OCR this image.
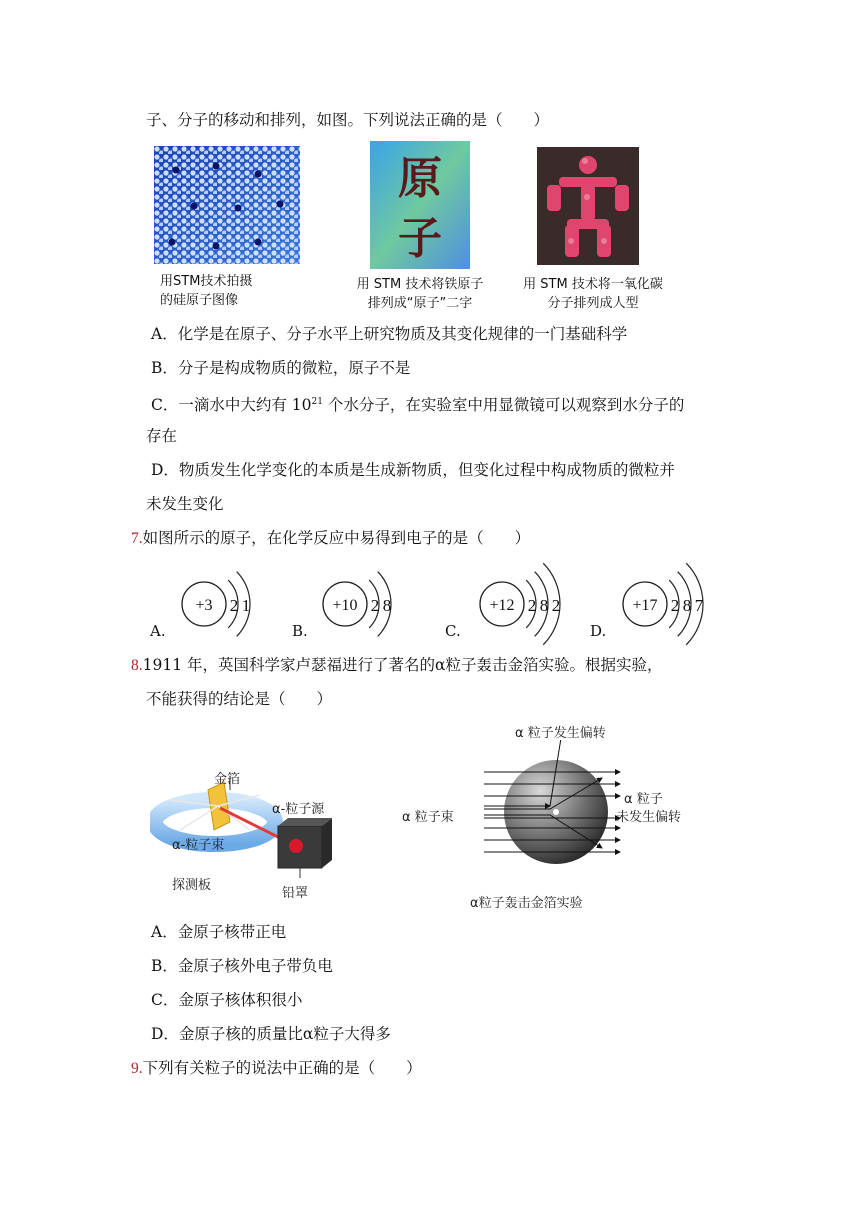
子、分子的移动和排列，如图。下列说法正确的是（　　）
用STM技术拍摄
的硅原子图像
原
子
用 STM 技术将铁原子
排列成“原子”二字
用 STM 技术将一氧化碳
分子排列成人型
A．化学是在原子、分子水平上研究物质及其变化规律的一门基础科学
B．分子是构成物质的微粒，原子不是
C．一滴水中大约有 $10^{21}$ 个水分子，在实验室中用显微镜可以观察到水分子的
存在
D．物质发生化学变化的本质是生成新物质，但变化过程中构成物质的微粒并
未发生变化
7.如图所示的原子，在化学反应中易得到电子的是（　　）
A.
+3 2 1
B.
+10 2 8
C.
+12 2 8 2
D.
+17 2 8 7
8.1911 年，英国科学家卢瑟福进行了著名的α粒子轰击金箔实验。根据实验，
不能获得的结论是（　　）
金箔
α-粒子源
α-粒子束
探测板
铅罩
α 粒子发生偏转
α 粒子束
α 粒子
未发生偏转
α粒子轰击金箔实验
A．金原子核带正电
B．金原子核外电子带负电
C．金原子核体积很小
D．金原子核的质量比α粒子大得多
9.下列有关粒子的说法中正确的是（　　）
